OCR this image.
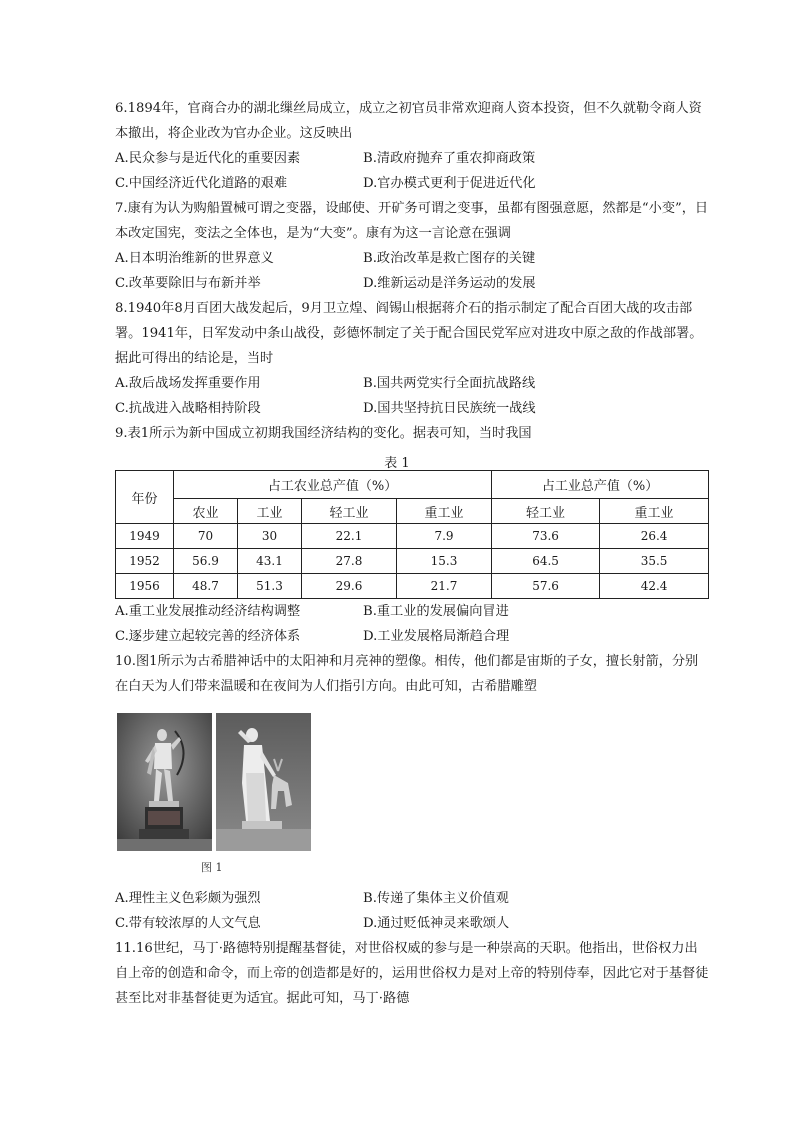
6.1894年，官商合办的湖北缫丝局成立，成立之初官员非常欢迎商人资本投资，但不久就勒令商人资本撤出，将企业改为官办企业。这反映出
A.民众参与是近代化的重要因素	B.清政府抛弃了重农抑商政策
C.中国经济近代化道路的艰难	D.官办模式更利于促进近代化
7.康有为认为购船置械可谓之变器，设邮使、开矿务可谓之变事，虽都有图强意愿，然都是“小变”，日本改定国宪，变法之全体也，是为“大变”。康有为这一言论意在强调
A.日本明治维新的世界意义	B.政治改革是救亡图存的关键
C.改革要除旧与布新并举	D.维新运动是洋务运动的发展
8.1940年8月百团大战发起后，9月卫立煌、阎锡山根据蒋介石的指示制定了配合百团大战的攻击部署。1941年，日军发动中条山战役，彭德怀制定了关于配合国民党军应对进攻中原之敌的作战部署。据此可得出的结论是，当时
A.敌后战场发挥重要作用	B.国共两党实行全面抗战路线
C.抗战进入战略相持阶段	D.国共坚持抗日民族统一战线
9.表1所示为新中国成立初期我国经济结构的变化。据表可知，当时我国
表 1
年份	占工农业总产值（%）				占工业总产值（%）	
	农业	工业	轻工业	重工业	轻工业	重工业
1949	70	30	22.1	7.9	73.6	26.4
1952	56.9	43.1	27.8	15.3	64.5	35.5
1956	48.7	51.3	29.6	21.7	57.6	42.4
A.重工业发展推动经济结构调整	B.重工业的发展偏向冒进
C.逐步建立起较完善的经济体系	D.工业发展格局渐趋合理
10.图1所示为古希腊神话中的太阳神和月亮神的塑像。相传，他们都是宙斯的子女，擅长射箭，分别在白天为人们带来温暖和在夜间为人们指引方向。由此可知，古希腊雕塑
图 1
A.理性主义色彩颇为强烈	B.传递了集体主义价值观
C.带有较浓厚的人文气息	D.通过贬低神灵来歌颂人
11.16世纪，马丁·路德特别提醒基督徒，对世俗权威的参与是一种崇高的天职。他指出，世俗权力出自上帝的创造和命令，而上帝的创造都是好的，运用世俗权力是对上帝的特别侍奉，因此它对于基督徒甚至比对非基督徒更为适宜。据此可知，马丁·路德
